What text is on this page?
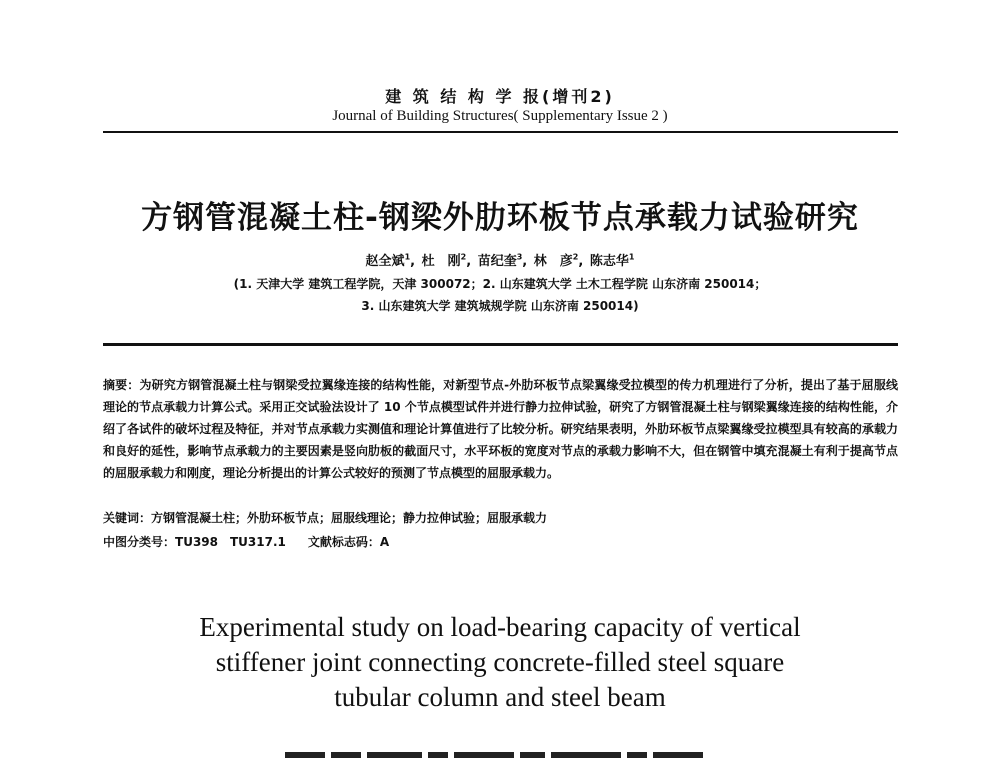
建 筑 结 构 学 报(增刊2)
Journal of Building Structures( Supplementary Issue 2 )
方钢管混凝土柱-钢梁外肋环板节点承载力试验研究
赵全斌$^1$, 杜　刚$^2$, 苗纪奎$^3$, 林　彦$^2$, 陈志华$^1$
(1. 天津大学 建筑工程学院，天津 300072；2. 山东建筑大学 土木工程学院 山东济南 250014；
3. 山东建筑大学 建筑城规学院 山东济南 250014)
摘要：为研究方钢管混凝土柱与钢梁受拉翼缘连接的结构性能，对新型节点-外肋环板节点梁翼缘受拉模型的传力机理进行了分析，提出了基于屈服线理论的节点承载力计算公式。采用正交试验法设计了 10 个节点模型试件并进行静力拉伸试验，研究了方钢管混凝土柱与钢梁翼缘连接的结构性能，介绍了各试件的破坏过程及特征，并对节点承载力实测值和理论计算值进行了比较分析。研究结果表明，外肋环板节点梁翼缘受拉模型具有较高的承载力和良好的延性，影响节点承载力的主要因素是竖向肋板的截面尺寸，水平环板的宽度对节点的承载力影响不大，但在钢管中填充混凝土有利于提高节点的屈服承载力和刚度，理论分析提出的计算公式较好的预测了节点模型的屈服承载力。
关键词：方钢管混凝土柱；外肋环板节点；屈服线理论；静力拉伸试验；屈服承载力
中图分类号：TU398　TU317.1 文献标志码：A
Experimental study on load-bearing capacity of vertical
stiffener joint connecting concrete-filled steel square
tubular column and steel beam
